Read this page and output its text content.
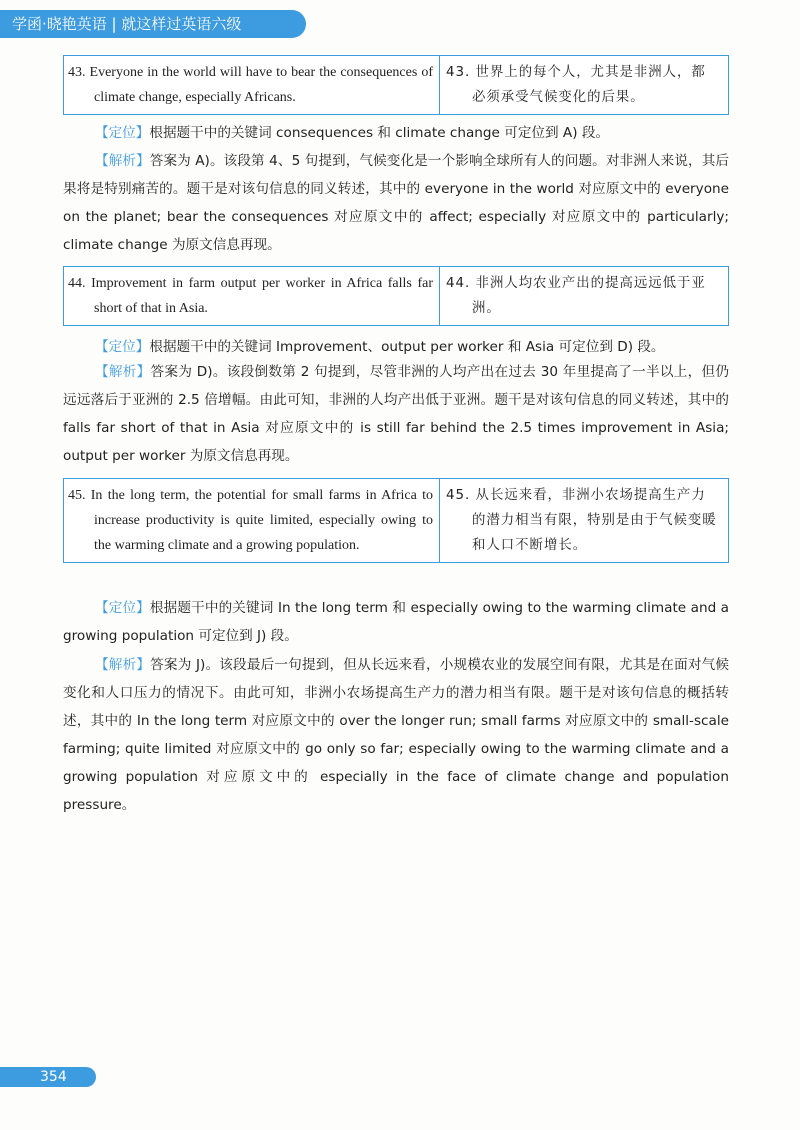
学函·晓艳英语 | 就这样过英语六级
43. Everyone in the world will have to bear the consequences of climate change, especially Africans.
43. 世界上的每个人，尤其是非洲人，都必须承受气候变化的后果。
【定位】根据题干中的关键词 consequences 和 climate change 可定位到 A) 段。
【解析】答案为 A)。该段第 4、5 句提到，气候变化是一个影响全球所有人的问题。对非洲人来说，其后果将是特别痛苦的。题干是对该句信息的同义转述，其中的 everyone in the world 对应原文中的 everyone on the planet; bear the consequences 对应原文中的 affect; especially 对应原文中的 particularly; climate change 为原文信息再现。
44. Improvement in farm output per worker in Africa falls far short of that in Asia.
44. 非洲人均农业产出的提高远远低于亚洲。
【定位】根据题干中的关键词 Improvement、output per worker 和 Asia 可定位到 D) 段。
【解析】答案为 D)。该段倒数第 2 句提到，尽管非洲的人均产出在过去 30 年里提高了一半以上，但仍远远落后于亚洲的 2.5 倍增幅。由此可知，非洲的人均产出低于亚洲。题干是对该句信息的同义转述，其中的 falls far short of that in Asia 对应原文中的 is still far behind the 2.5 times improvement in Asia; output per worker 为原文信息再现。
45. In the long term, the potential for small farms in Africa to increase productivity is quite limited, especially owing to the warming climate and a growing population.
45. 从长远来看，非洲小农场提高生产力的潜力相当有限，特别是由于气候变暖和人口不断增长。
【定位】根据题干中的关键词 In the long term 和 especially owing to the warming climate and a growing population 可定位到 J) 段。
【解析】答案为 J)。该段最后一句提到，但从长远来看，小规模农业的发展空间有限，尤其是在面对气候变化和人口压力的情况下。由此可知，非洲小农场提高生产力的潜力相当有限。题干是对该句信息的概括转述，其中的 In the long term 对应原文中的 over the longer run; small farms 对应原文中的 small-scale farming; quite limited 对应原文中的 go only so far; especially owing to the warming climate and a growing population 对应原文中的 especially in the face of climate change and population pressure。
354
